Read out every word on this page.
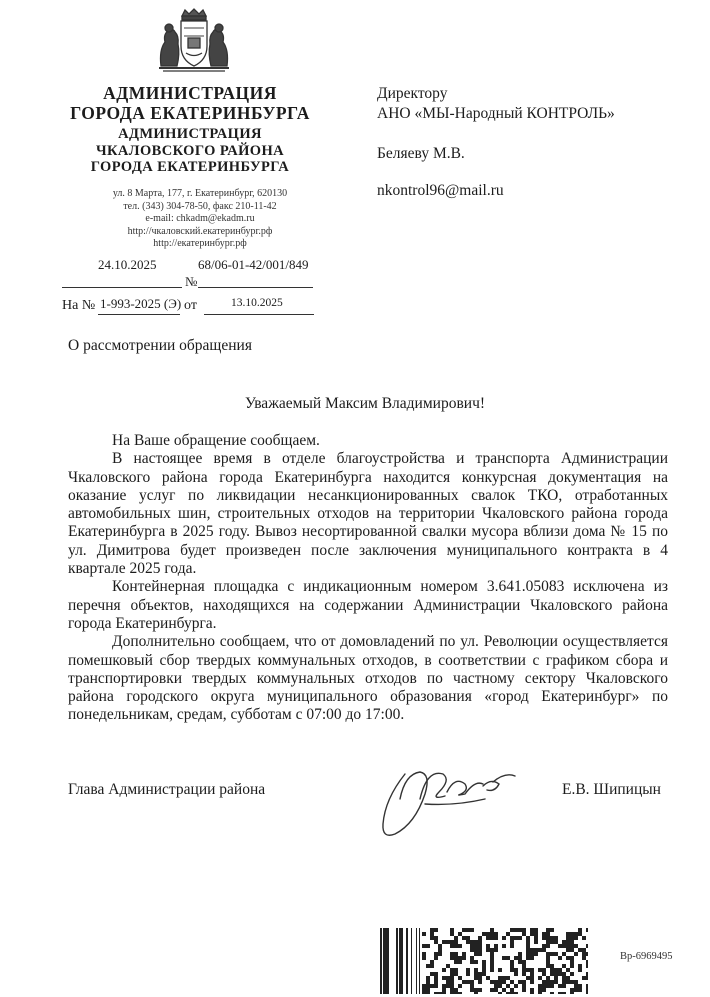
АДМИНИСТРАЦИЯ
ГОРОДА ЕКАТЕРИНБУРГА
АДМИНИСТРАЦИЯ
ЧКАЛОВСКОГО РАЙОНА
ГОРОДА ЕКАТЕРИНБУРГА
ул. 8 Марта, 177, г. Екатеринбург, 620130
тел. (343) 304-78-50, факс 210-11-42
e-mail: chkadm@ekadm.ru
http://чкаловский.екатеринбург.рф
http://екатеринбург.рф
24.10.2025	68/06-01-42/001/849
№
На № 1-993-2025 (Э) от	13.10.2025
Директору
АНО «МЫ-Народный КОНТРОЛЬ»
Беляеву М.В.
nkontrol96@mail.ru
О рассмотрении обращения
Уважаемый Максим Владимирович!

На Ваше обращение сообщаем.

В настоящее время в отделе благоустройства и транспорта Администрации Чкаловского района города Екатеринбурга находится конкурсная документация на оказание услуг по ликвидации несанкционированных свалок ТКО, отработанных автомобильных шин, строительных отходов на территории Чкаловского района города Екатеринбурга в 2025 году. Вывоз несортированной свалки мусора вблизи дома № 15 по ул. Димитрова будет произведен после заключения муниципального контракта в 4 квартале 2025 года.

Контейнерная площадка с индикационным номером 3.641.05083 исключена из перечня объектов, находящихся на содержании Администрации Чкаловского района города Екатеринбурга.

Дополнительно сообщаем, что от домовладений по ул. Революции осуществляется помешковый сбор твердых коммунальных отходов, в соответствии с графиком сбора и транспортировки твердых коммунальных отходов по частному сектору Чкаловского района городского округа муниципального образования «город Екатеринбург» по понедельникам, средам, субботам с 07:00 до 17:00.

Глава Администрации района	Е.В. Шипицын
Вр-6969495
